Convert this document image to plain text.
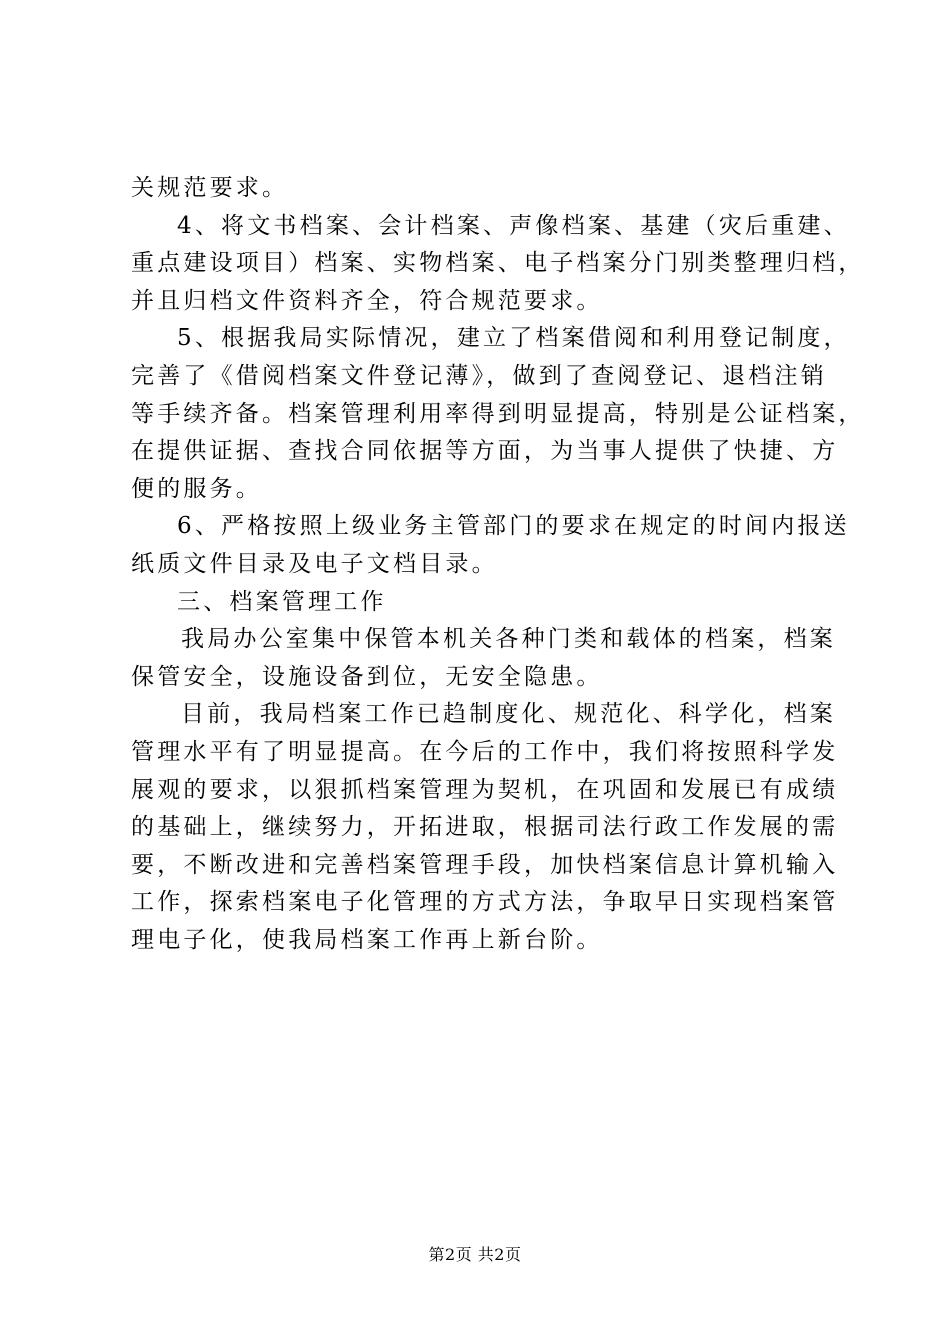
关规范要求。
4、将文书档案、会计档案、声像档案、基建（灾后重建、
重点建设项目）档案、实物档案、电子档案分门别类整理归档，
并且归档文件资料齐全，符合规范要求。
5、根据我局实际情况，建立了档案借阅和利用登记制度，
完善了《借阅档案文件登记薄》，做到了查阅登记、退档注销
等手续齐备。档案管理利用率得到明显提高，特别是公证档案，
在提供证据、查找合同依据等方面，为当事人提供了快捷、方
便的服务。
6、严格按照上级业务主管部门的要求在规定的时间内报送
纸质文件目录及电子文档目录。
三、档案管理工作
我局办公室集中保管本机关各种门类和载体的档案，档案
保管安全，设施设备到位，无安全隐患。
目前，我局档案工作已趋制度化、规范化、科学化，档案
管理水平有了明显提高。在今后的工作中，我们将按照科学发
展观的要求，以狠抓档案管理为契机，在巩固和发展已有成绩
的基础上，继续努力，开拓进取，根据司法行政工作发展的需
要，不断改进和完善档案管理手段，加快档案信息计算机输入
工作，探索档案电子化管理的方式方法，争取早日实现档案管
理电子化，使我局档案工作再上新台阶。
第2页 共2页
